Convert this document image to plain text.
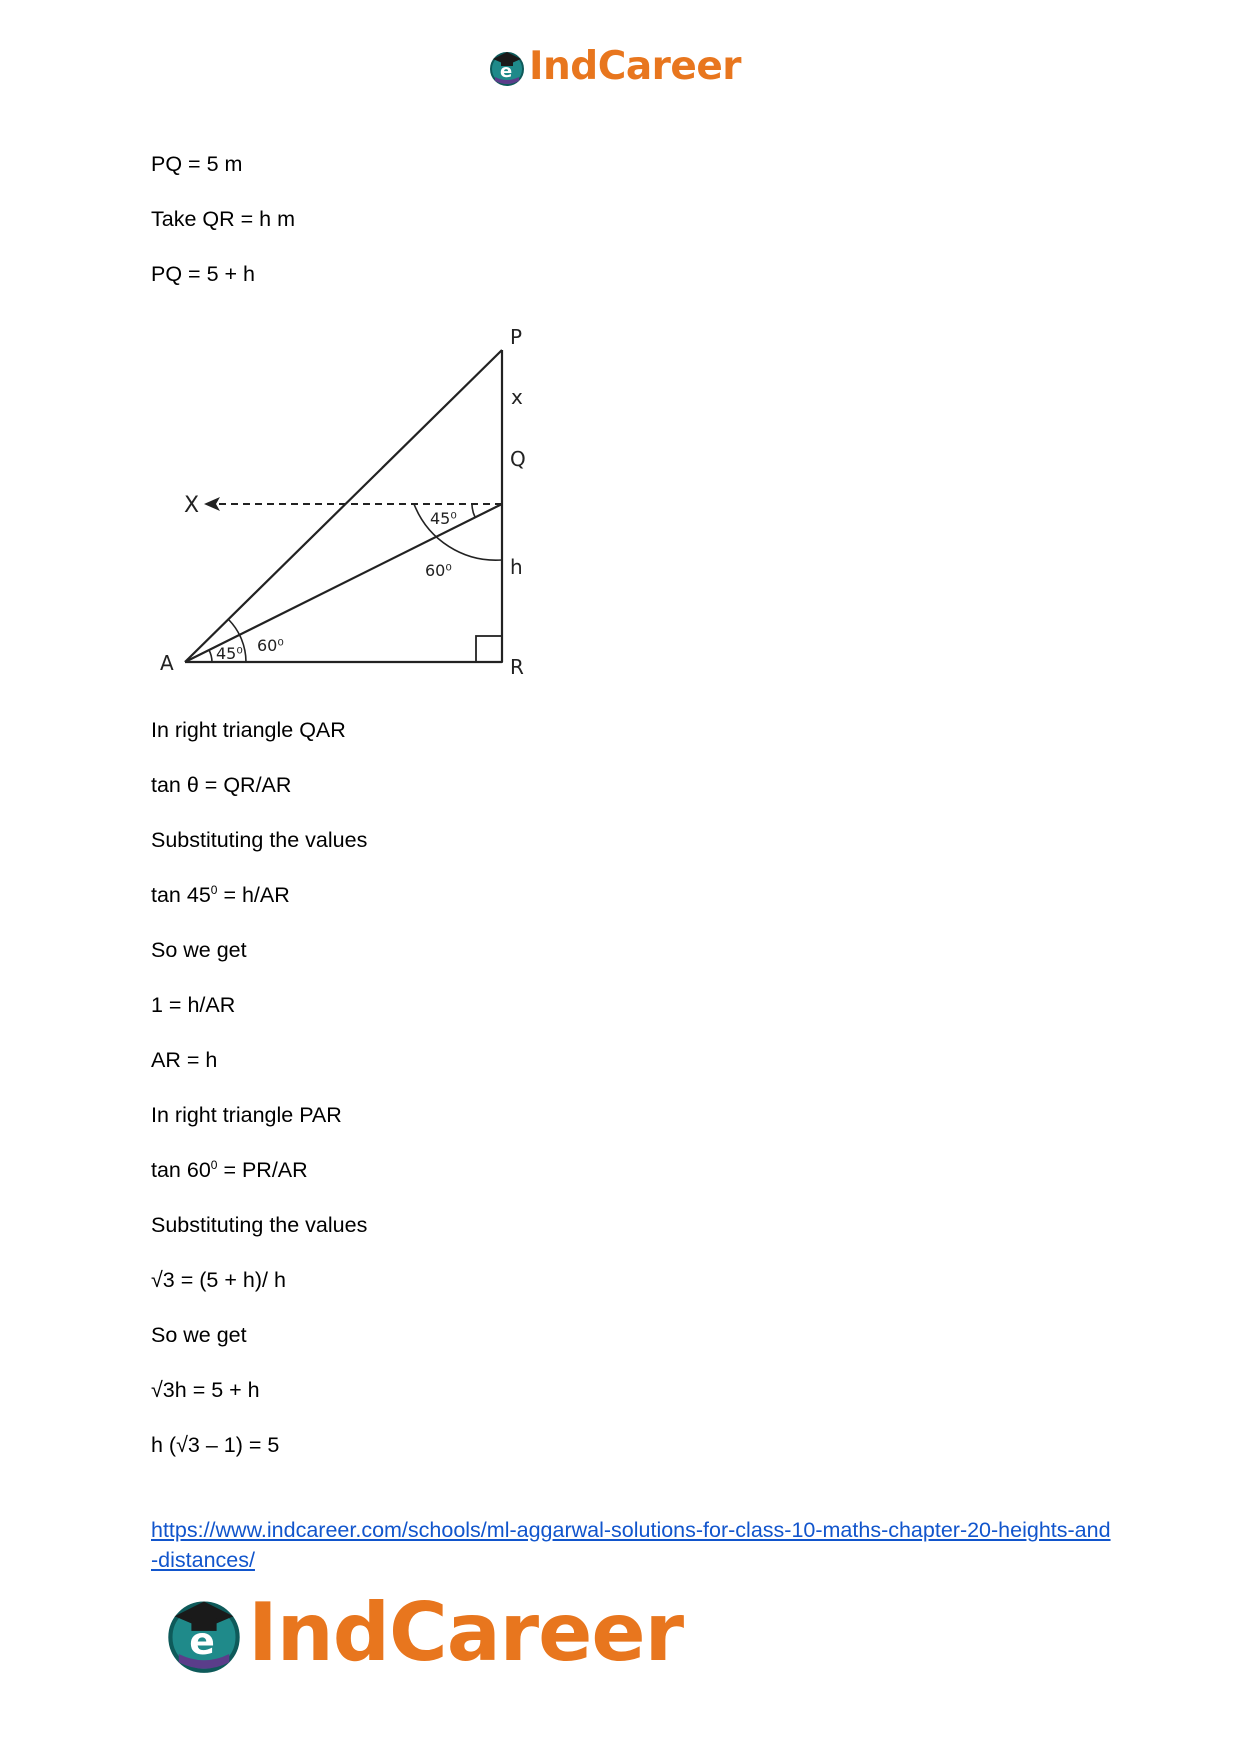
e IndCareer
PQ = 5 m
Take QR = h m
PQ = 5 + h
In right triangle QAR
tan θ = QR/AR
Substituting the values
$\tan 45^0 = h/AR$
So we get
1 = h/AR
AR = h
In right triangle PAR
$\tan 60^0 = PR/AR$
Substituting the values
√3 = (5 + h)/ h
So we get
√3h = 5 + h
h (√3 – 1) = 5
P
x
Q
X
h
A	R
45⁰
60⁰
45⁰ 60⁰
https://www.indcareer.com/schools/ml-aggarwal-solutions-for-class-10-maths-chapter-20-heights-and-distances/
e IndCareer
